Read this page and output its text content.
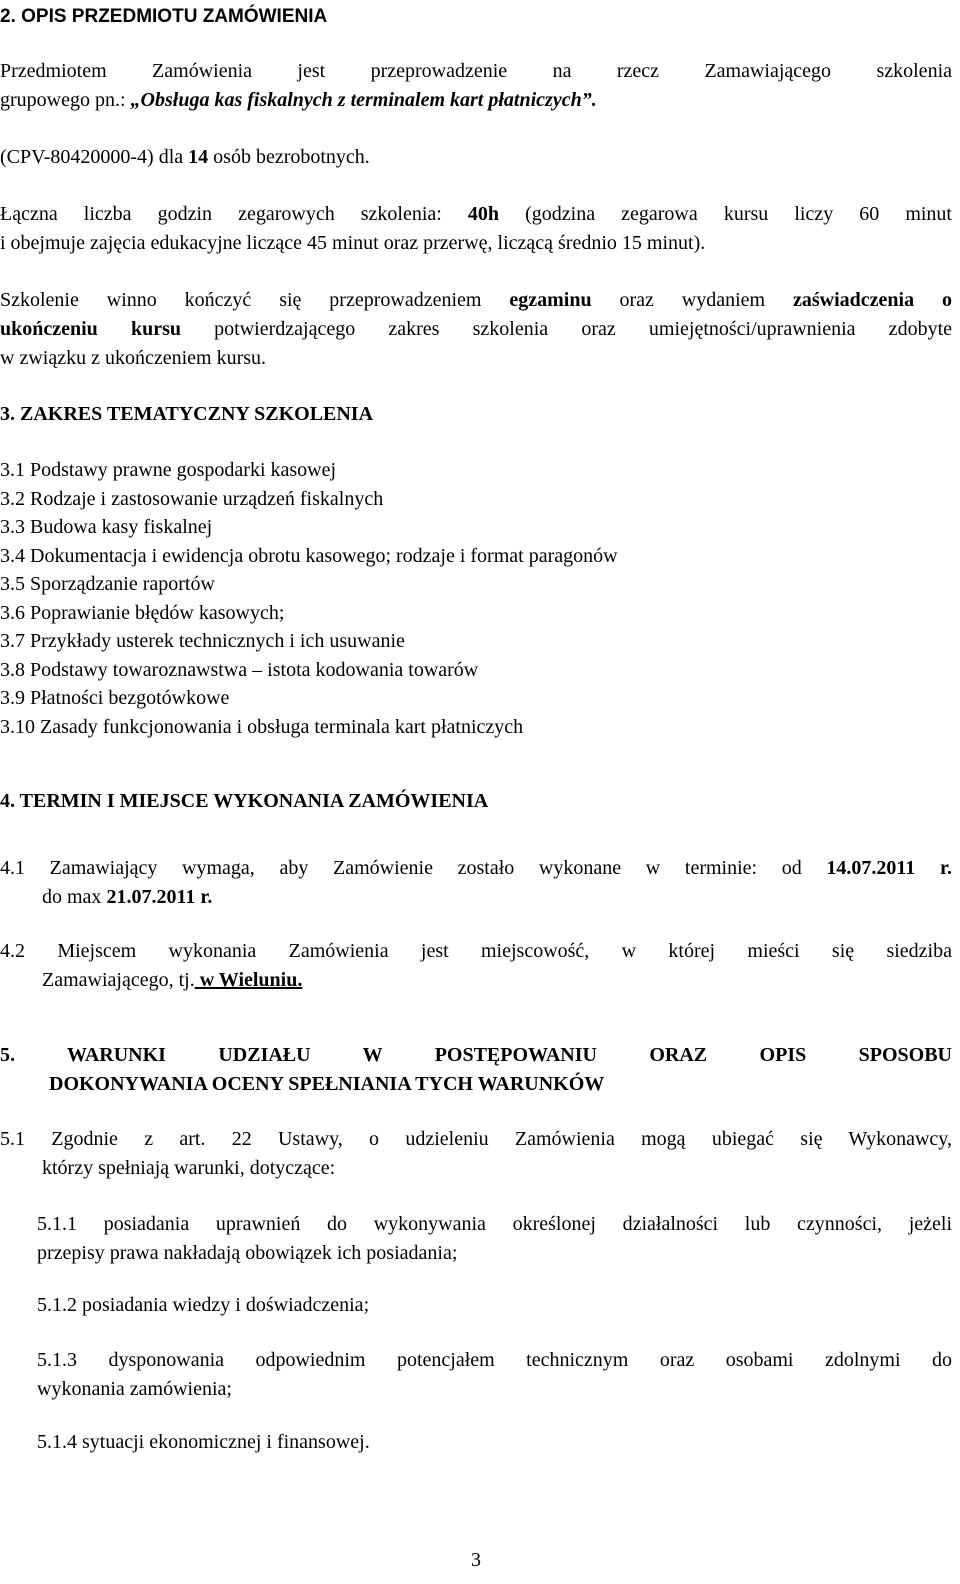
2. OPIS PRZEDMIOTU ZAMÓWIENIA
Przedmiotem Zamówienia jest przeprowadzenie na rzecz Zamawiającego szkolenia
grupowego pn.: „Obsługa kas fiskalnych z terminalem kart płatniczych”.
(CPV-80420000-4) dla 14 osób bezrobotnych.
Łączna liczba godzin zegarowych szkolenia: 40h (godzina zegarowa kursu liczy 60 minut
i obejmuje zajęcia edukacyjne liczące 45 minut oraz przerwę, liczącą średnio 15 minut).
Szkolenie winno kończyć się przeprowadzeniem egzaminu oraz wydaniem zaświadczenia o
ukończeniu kursu potwierdzającego zakres szkolenia oraz umiejętności/uprawnienia zdobyte
w związku z ukończeniem kursu.
3. ZAKRES TEMATYCZNY SZKOLENIA
3.1 Podstawy prawne gospodarki kasowej
3.2 Rodzaje i zastosowanie urządzeń fiskalnych
3.3 Budowa kasy fiskalnej
3.4 Dokumentacja i ewidencja obrotu kasowego; rodzaje i format paragonów
3.5 Sporządzanie raportów
3.6 Poprawianie błędów kasowych;
3.7 Przykłady usterek technicznych i ich usuwanie
3.8 Podstawy towaroznawstwa – istota kodowania towarów
3.9 Płatności bezgotówkowe
3.10 Zasady funkcjonowania i obsługa terminala kart płatniczych
4. TERMIN I MIEJSCE WYKONANIA ZAMÓWIENIA
4.1 Zamawiający wymaga, aby Zamówienie zostało wykonane w terminie: od 14.07.2011 r.
do max 21.07.2011 r.
4.2 Miejscem wykonania Zamówienia jest miejscowość, w której mieści się siedziba
Zamawiającego, tj. w Wieluniu.
5. WARUNKI UDZIAŁU W POSTĘPOWANIU ORAZ OPIS SPOSOBU
DOKONYWANIA OCENY SPEŁNIANIA TYCH WARUNKÓW
5.1 Zgodnie z art. 22 Ustawy, o udzieleniu Zamówienia mogą ubiegać się Wykonawcy,
którzy spełniają warunki, dotyczące:
5.1.1 posiadania uprawnień do wykonywania określonej działalności lub czynności, jeżeli
przepisy prawa nakładają obowiązek ich posiadania;
5.1.2 posiadania wiedzy i doświadczenia;
5.1.3 dysponowania odpowiednim potencjałem technicznym oraz osobami zdolnymi do
wykonania zamówienia;
5.1.4 sytuacji ekonomicznej i finansowej.
3
